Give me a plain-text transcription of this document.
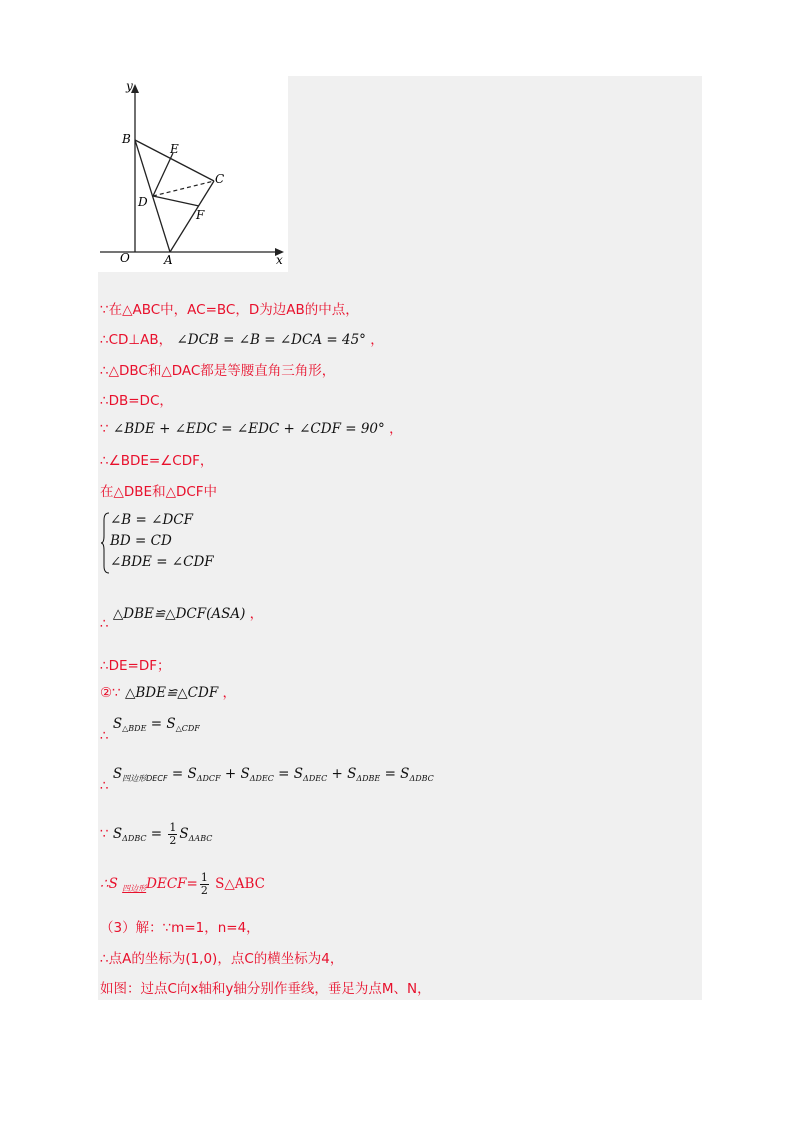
y
x
O	A
B
C
D
E
F
∵在△ABC中，AC=BC，D为边AB的中点，
∴CD⊥AB， ∠DCB = ∠B = ∠DCA = 45° ，
∴△DBC和△DAC都是等腰直角三角形，
∴DB=DC，
∵ ∠BDE + ∠EDC = ∠EDC + ∠CDF = 90° ，
∴∠BDE=∠CDF，
在△DBE和△DCF中
∠B = ∠DCF
BD = CD
∠BDE = ∠CDF
∴ △DBE≌△DCF(ASA) ，
∴DE=DF；
②∵ △BDE≌△CDF ，
∴ $S_{\triangle BDE} = S_{\triangle CDF}$
∴ $S_{四边形DECF} = S_{\Delta DCF} + S_{\Delta DEC} = S_{\Delta DEC} + S_{\Delta DBE} = S_{\Delta DBC}$
∵ $S_{\Delta DBC} = \frac{1}{2} S_{\Delta ABC}$
∴S $_{四边形}$DECF= $\frac{1}{2}$ S△ABC
（3）解：∵m=1，n=4，
∴点A的坐标为(1,0)，点C的横坐标为4，
如图：过点C向x轴和y轴分别作垂线，垂足为点M、N，
